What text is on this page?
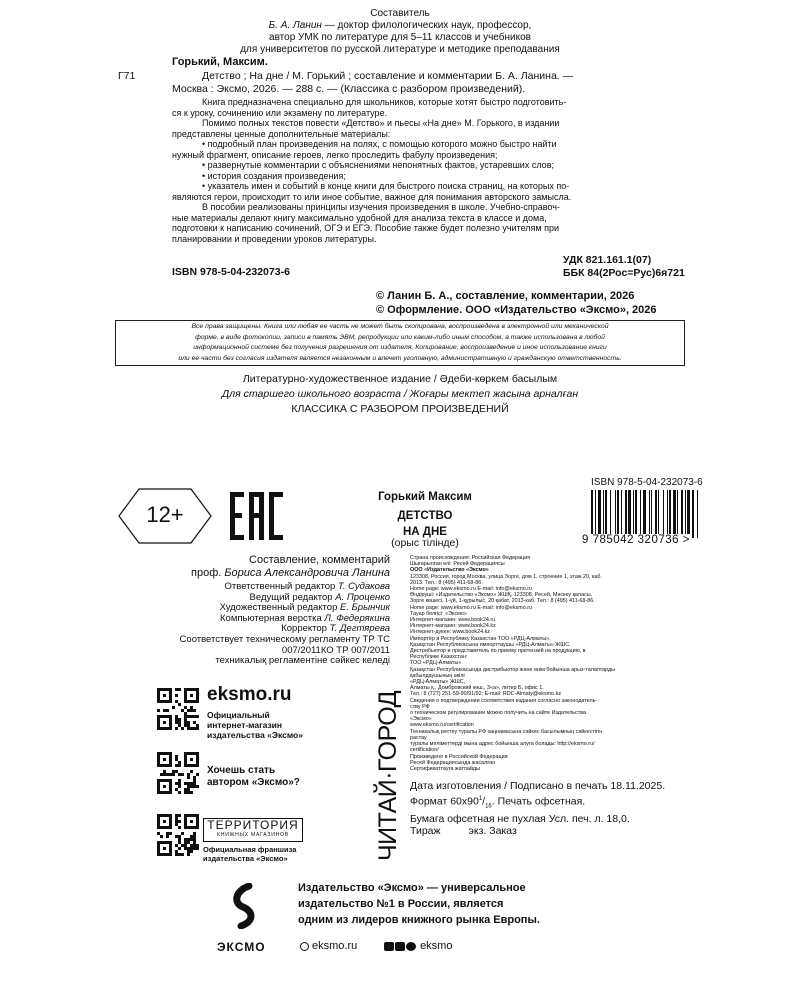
Составитель
Б. А. Ланин — доктор филологических наук, профессор,
автор УМК по литературе для 5–11 классов и учебников
для университетов по русской литературе и методике преподавания
Горький, Максим.
Г71	Детство ; На дне / М. Горький ; составление и комментарии Б. А. Ланина. —
Москва : Эксмо, 2026. — 288 с. — (Классика с разбором произведений).
Книга предназначена специально для школьников, которые хотят быстро подготовить-
ся к уроку, сочинению или экзамену по литературе.
Помимо полных текстов повести «Детство» и пьесы «На дне» М. Горького, в издании
представлены ценные дополнительные материалы:
• подробный план произведения на полях, с помощью которого можно быстро найти
нужный фрагмент, описание героев, легко проследить фабулу произведения;
• развернутые комментарии с объяснениями непонятных фактов, устаревших слов;
• история создания произведения;
• указатель имен и событий в конце книги для быстрого поиска страниц, на которых по-
являются герои, происходит то или иное событие, важное для понимания авторского замысла.
В пособии реализованы принципы изучения произведения в школе. Учебно-справоч-
ные материалы делают книгу максимально удобной для анализа текста в классе и дома,
подготовки к написанию сочинений, ОГЭ и ЕГЭ. Пособие также будет полезно учителям при
планировании и проведении уроков литературы.
УДК 821.161.1(07)
ББК 84(2Рос=Рус)6я721
ISBN 978-5-04-232073-6
© Ланин Б. А., составление, комментарии, 2026
© Оформление. ООО «Издательство «Эксмо», 2026
Все права защищены. Книга или любая ее часть не может быть скопирована, воспроизведена в электронной или механической
форме, в виде фотокопии, записи в память ЭВМ, репродукции или каким-либо иным способом, а также использована в любой
информационной системе без получения разрешения от издателя. Копирование, воспроизведение и иное использование книги
или ее части без согласия издателя является незаконным и влечет уголовную, административную и гражданскую ответственность.
Литературно-художественное издание / Әдеби-көркем басылым
Для старшего школьного возраста / Жоғары мектеп жасына арналған
КЛАССИКА С РАЗБОРОМ ПРОИЗВЕДЕНИЙ
12+
Горький Максим
ДЕТСТВО
НА ДНЕ
(орыс тілінде)
ISBN 978-5-04-232073-6
9 785042 320736 >
Составление, комментарий
проф. Бориса Александровича Ланина
Ответственный редактор Т. Судакова
Ведущий редактор А. Проценко
Художественный редактор Е. Брынчик
Компьютерная верстка Л. Федерякина
Корректор Т. Дегтярева
Соответствует техническому регламенту ТР ТС
007/2011КО ТР 007/2011
техникалық регламентіне сәйкес келеді
eksmo.ru
Официальный
интернет-магазин
издательства «Эксмо»
Хочешь стать
автором «Эксмо»?
ТЕРРИТОРИЯ
КНИЖНЫХ МАГАЗИНОВ
Официальная франшиза
издательства «Эксмо»	ЧИТАЙ·ГОРОД
Страна происхождения: Российская Федерация
Шығарылған елі: Ресей Федерациясы
ООО «Издательство «Эксмо»
123308, Россия, город Москва, улица Зорге, дом 1, строение 1, этаж 20, каб.
2013. Тел.: 8 (495) 411-68-86.
Home page: www.eksmo.ru E-mail: info@eksmo.ru
Өндіруші: «Издательство «Эксмо» ЖШҚ, 123308, Ресей, Мәскеу қаласы,
Зорге көшесі, 1-үй, 1-құрылыс, 20 қабат, 2013-каб. Тел.: 8 (495) 411-68-86.
Home page: www.eksmo.ru E-mail: info@eksmo.ru
Тауар белгісі: «Эксмо»
Интернет-магазин: www.book24.ru
Интернет-магазин: www.book24.kz
Интернет-дүкен: www.book24.kz
Импортёр в Республику Казахстан ТОО «РДЦ-Алматы».
Қазақстан Республикасына импорттаушы «РДЦ-Алматы» ЖШС.
Дистрибьютор и представитель по приему претензий на продукцию, в
Республике Казахстан:
ТОО «РДЦ-Алматы»
Қазақстан Республикасында дистрибьютор және өнім бойынша арыз-талаптарды
қабылдаушының өкілі
«РДЦ-Алматы» ЖШС,
Алматы қ., Домбровский көш., 3«а», литер Б, офис 1.
Тел.: 8 (727) 251-59-90/91/92; E-mail: RDC-Almaty@eksmo.kz
Сведения о подтверждении соответствия издания согласно законодатель-
ству РФ
о техническом регулировании можно получить на сайте Издательства
«Эксмо»
www.eksmo.ru/certification
Техникалық реттеу туралы РФ заңнамасына сәйкес басылымның сәйкестігін
растау
туралы мәліметтерді мына адрес бойынша алуға болады: http://eksmo.ru/
certification/
Произведено в Российской Федерации
Ресей Федерациясында жасалған
Сертификаттауға жатпайды
Дата изготовления / Подписано в печать 18.11.2025.
Формат $60х90^1/_{16}$. Печать офсетная.
Бумага офсетная не пухлая Усл. печ. л. 18,0.
Тираж	экз. Заказ
Издательство «Эксмо» — универсальное
издательство №1 в России, является
одним из лидеров книжного рынка Европы.
ЭКСМО	eksmo.ru	eksmo
